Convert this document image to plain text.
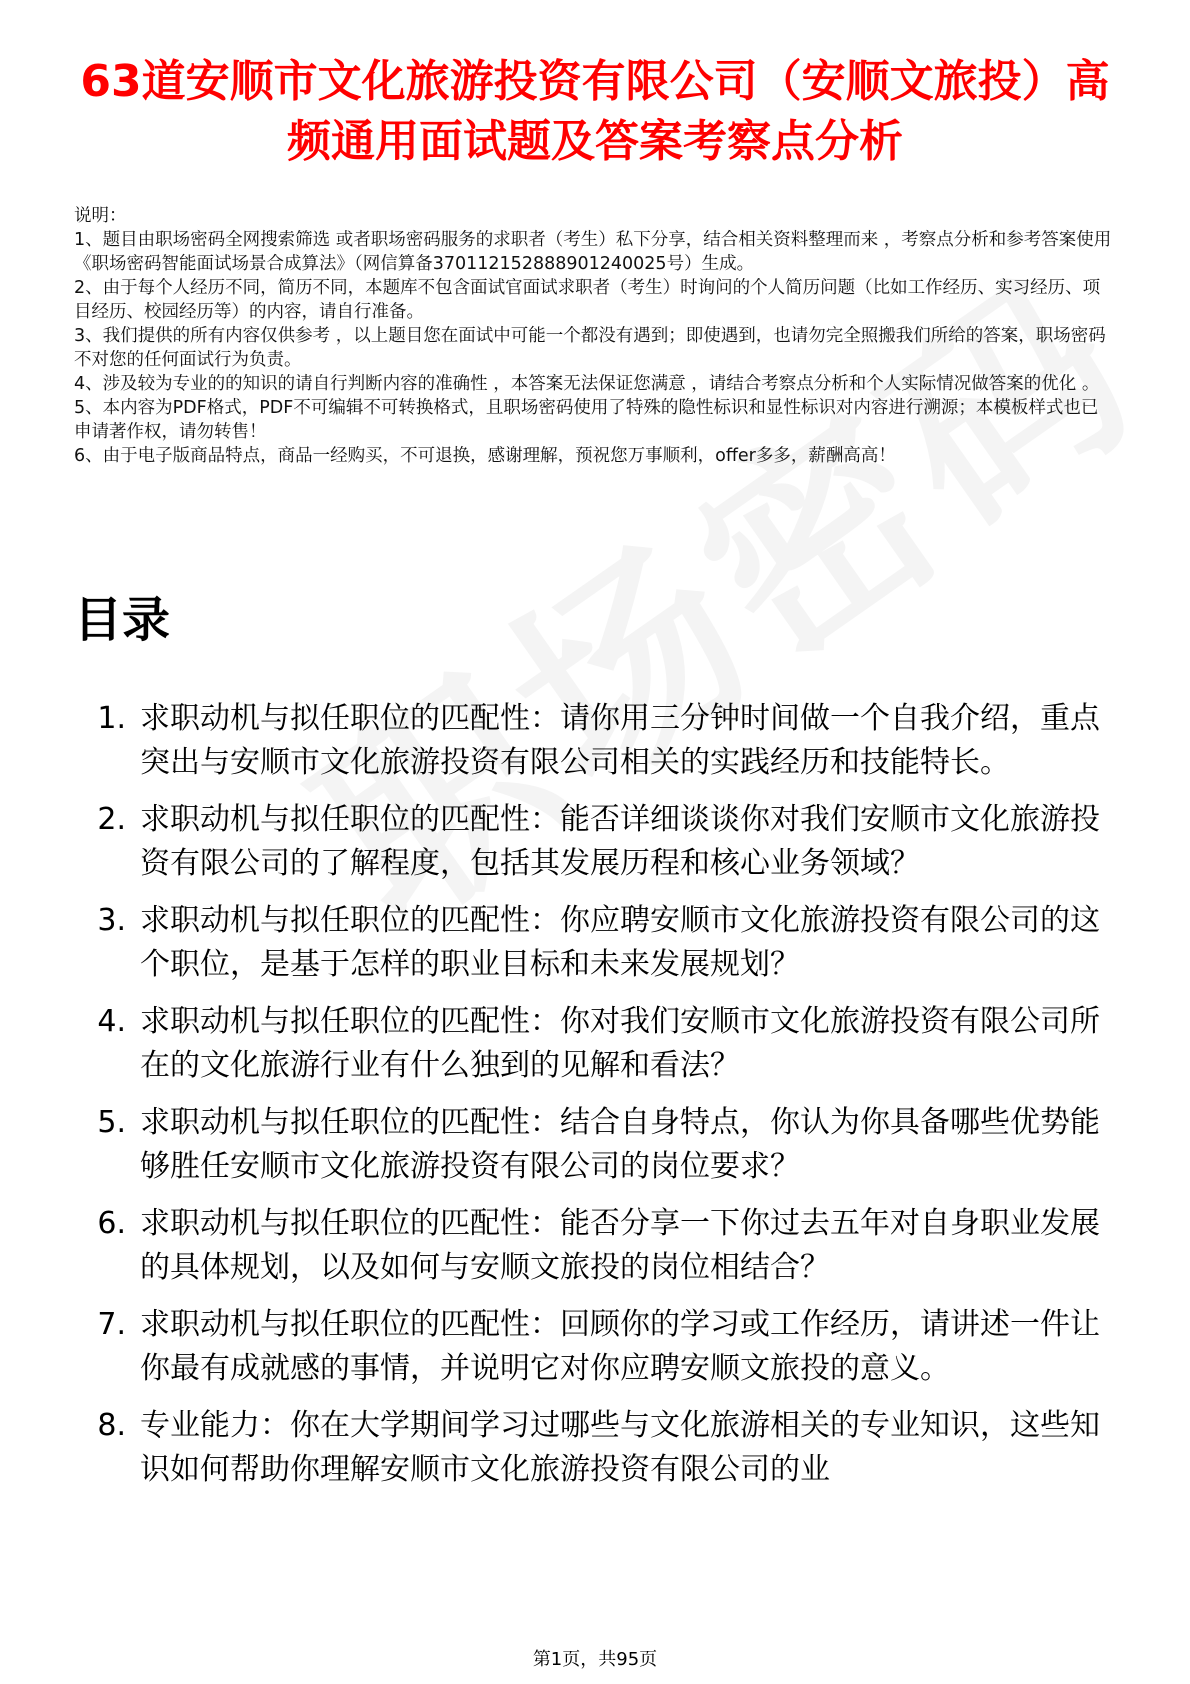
63道安顺市文化旅游投资有限公司（安顺文旅投）高频通用面试题及答案考察点分析

说明：

1、题目由职场密码全网搜索筛选 或者职场密码服务的求职者（考生）私下分享，结合相关资料整理而来 ，考察点分析和参考答案使用《职场密码智能面试场景合成算法》（网信算备370112152888901240025号）生成。

2、由于每个人经历不同，简历不同，本题库不包含面试官面试求职者（考生）时询问的个人简历问题（比如工作经历、实习经历、项目经历、校园经历等）的内容，请自行准备。

3、我们提供的所有内容仅供参考 ，以上题目您在面试中可能一个都没有遇到；即使遇到，也请勿完全照搬我们所给的答案，职场密码不对您的任何面试行为负责。

4、涉及较为专业的的知识的请自行判断内容的准确性 ，本答案无法保证您满意 ，请结合考察点分析和个人实际情况做答案的优化 。

5、本内容为PDF格式，PDF不可编辑不可转换格式，且职场密码使用了特殊的隐性标识和显性标识对内容进行溯源；本模板样式也已申请著作权，请勿转售！

6、由于电子版商品特点，商品一经购买，不可退换，感谢理解，预祝您万事顺利，offer多多，薪酬高高！

目录
1. 求职动机与拟任职位的匹配性：请你用三分钟时间做一个自我介绍，重点突出与安顺市文化旅游投资有限公司相关的实践经历和技能特长。
2. 求职动机与拟任职位的匹配性：能否详细谈谈你对我们安顺市文化旅游投资有限公司的了解程度，包括其发展历程和核心业务领域？
3. 求职动机与拟任职位的匹配性：你应聘安顺市文化旅游投资有限公司的这个职位，是基于怎样的职业目标和未来发展规划？
4. 求职动机与拟任职位的匹配性：你对我们安顺市文化旅游投资有限公司所在的文化旅游行业有什么独到的见解和看法？
5. 求职动机与拟任职位的匹配性：结合自身特点，你认为你具备哪些优势能够胜任安顺市文化旅游投资有限公司的岗位要求？
6. 求职动机与拟任职位的匹配性：能否分享一下你过去五年对自身职业发展的具体规划，以及如何与安顺文旅投的岗位相结合？
7. 求职动机与拟任职位的匹配性：回顾你的学习或工作经历，请讲述一件让你最有成就感的事情，并说明它对你应聘安顺文旅投的意义。
8. 专业能力：你在大学期间学习过哪些与文化旅游相关的专业知识，这些知识如何帮助你理解安顺市文化旅游投资有限公司的业
第1页，共95页
